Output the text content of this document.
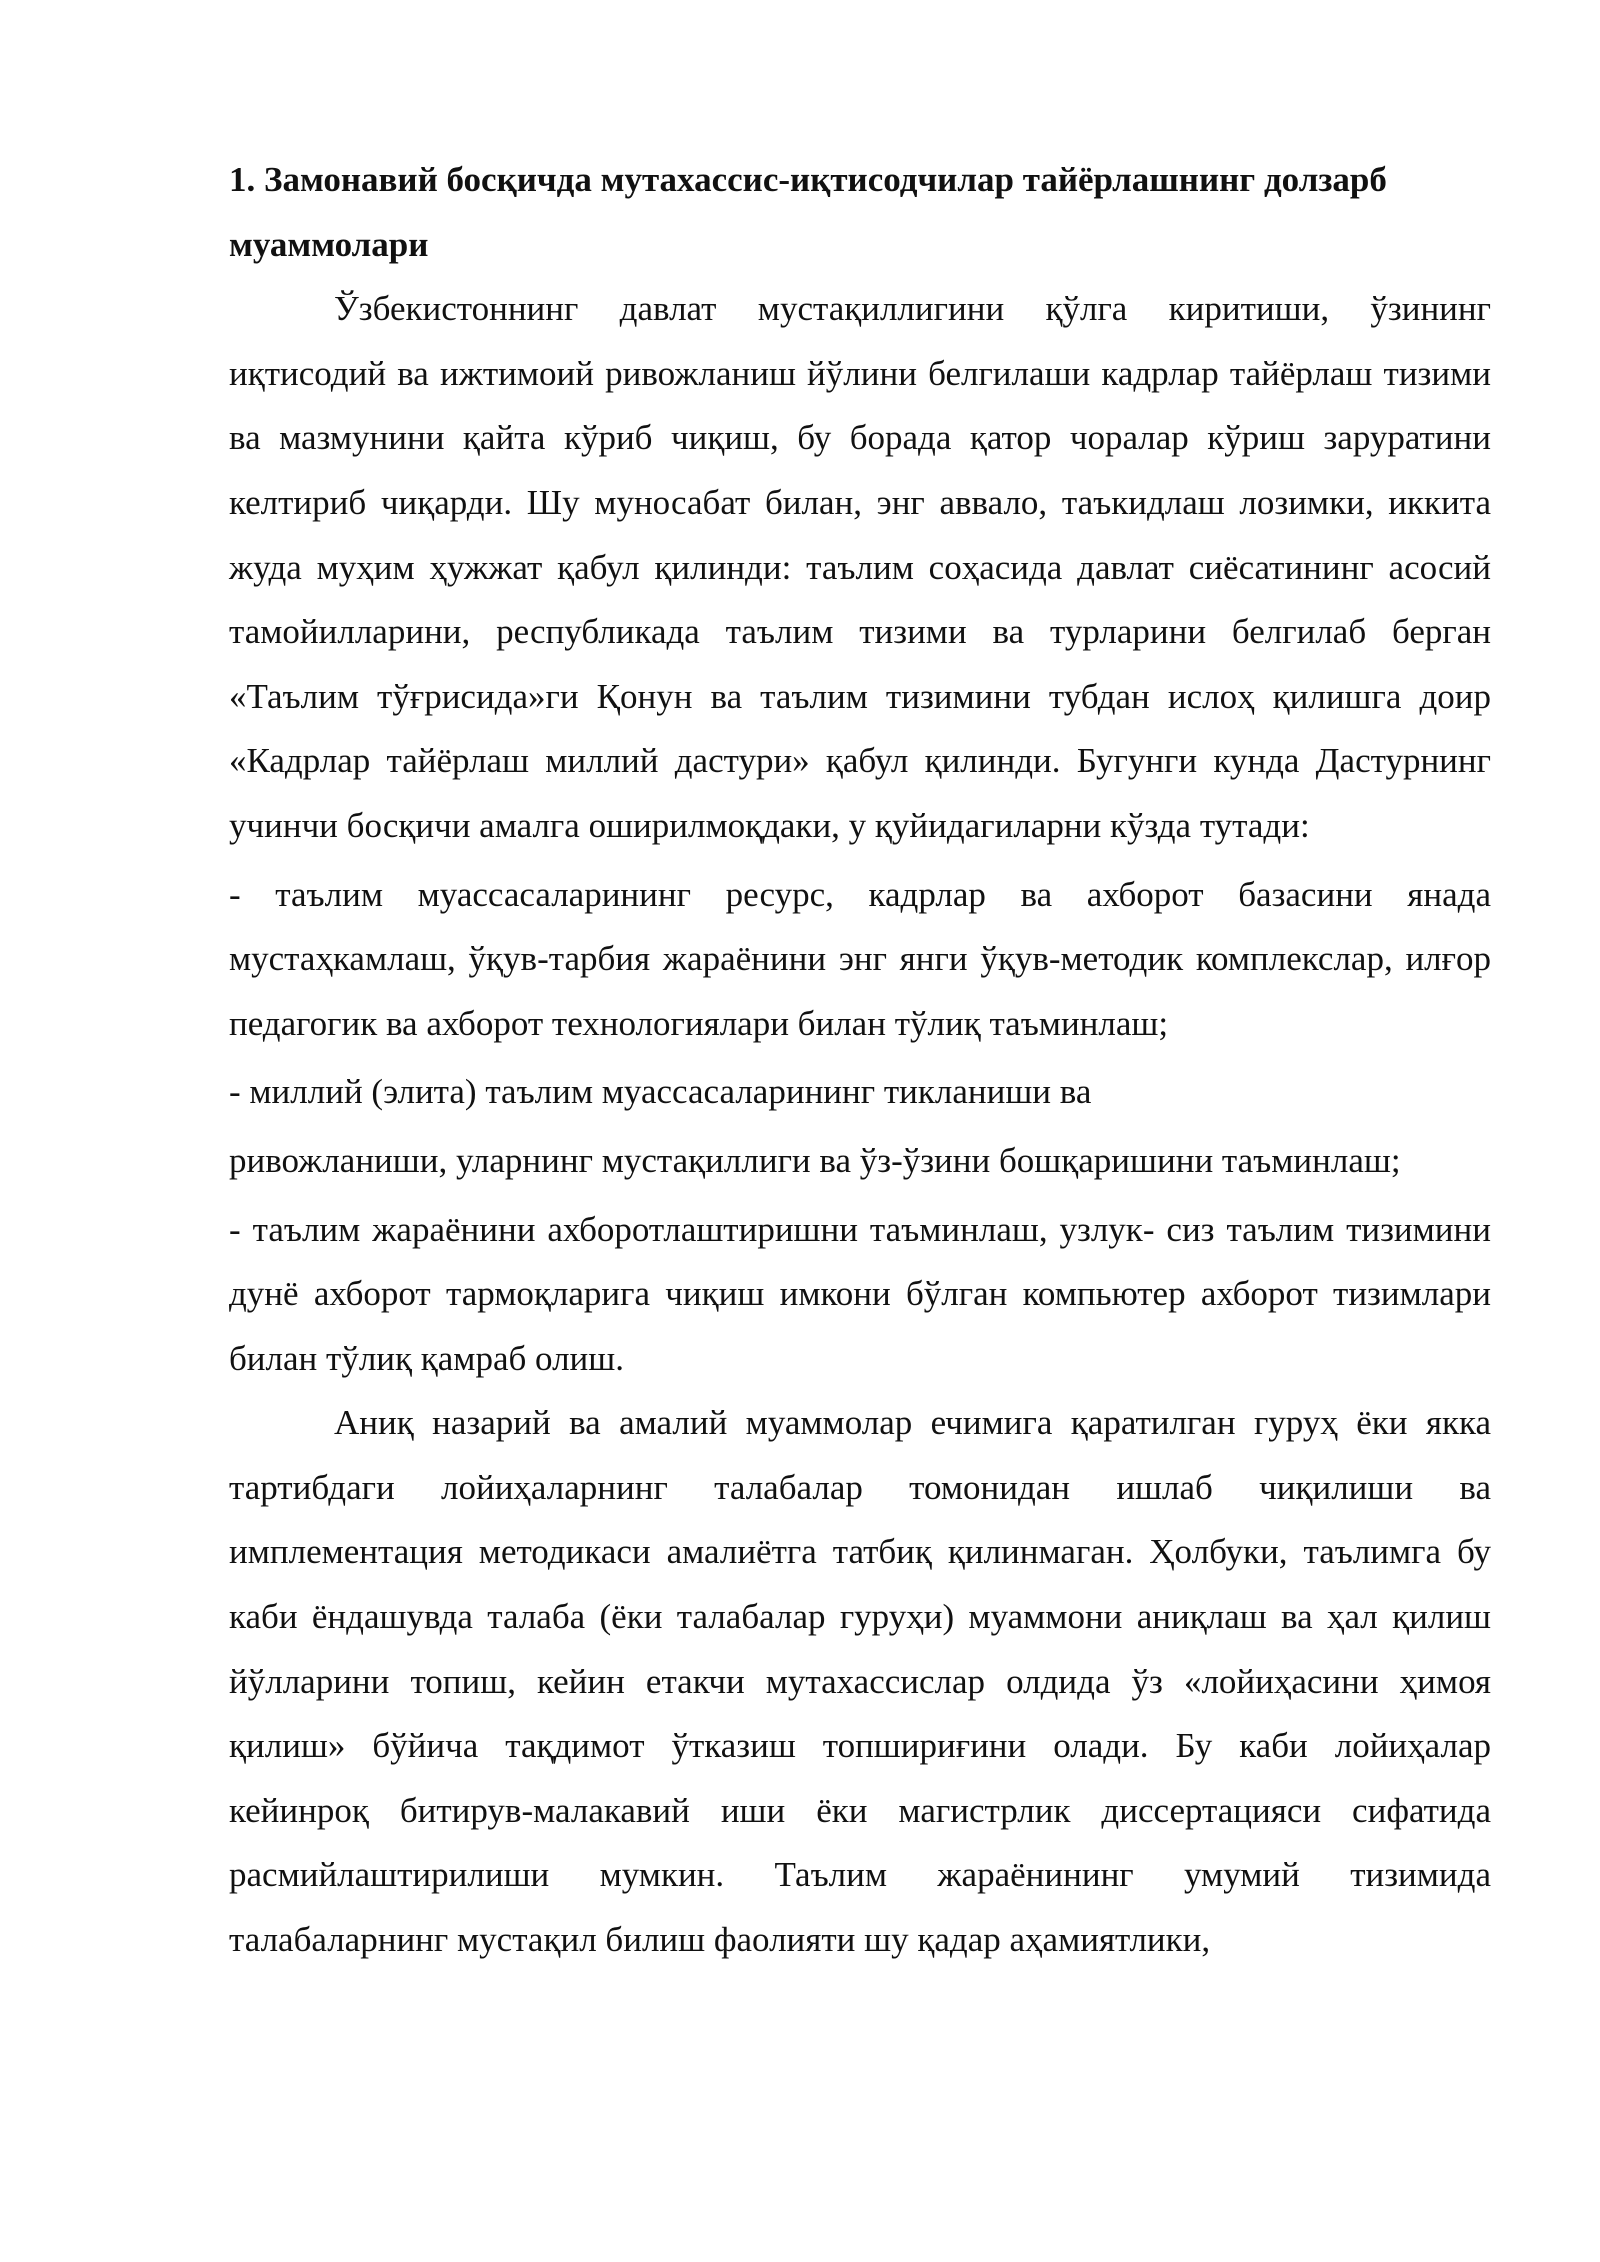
1. Замонавий босқичда мутахассис-иқтисодчилар тайёрлашнинг долзарб муаммолари

Ўзбекистоннинг давлат мустақиллигини қўлга киритиши, ўзининг иқтисодий ва ижтимоий ривожланиш йўлини белгилаши кадрлар тайёрлаш тизими ва мазмунини қайта кўриб чиқиш, бу борада қатор чоралар кўриш заруратини келтириб чиқарди. Шу муносабат билан, энг аввало, таъкидлаш лозимки, иккита жуда муҳим ҳужжат қабул қилинди: таълим соҳасида давлат сиёсатининг асосий тамойилларини, республикада таълим тизими ва турларини белгилаб берган «Таълим тўғрисида»ги Қонун ва таълим тизимини тубдан ислоҳ қилишга доир «Кадрлар тайёрлаш миллий дастури» қабул қилинди. Бугунги кунда Дастурнинг учинчи босқичи амалга оширилмоқдаки, у қуйидагиларни кўзда тутади:

- таълим муассасаларининг ресурс, кадрлар ва ахборот базасини янада мустаҳкамлаш, ўқув-тарбия жараёнини энг янги ўқув-методик комплекслар, илғор педагогик ва ахборот технологиялари билан тўлиқ таъминлаш;

- миллий (элита) таълим муассасаларининг тикланиши ва

ривожланиши, уларнинг мустақиллиги ва ўз-ўзини бошқаришини таъминлаш;

- таълим жараёнини ахборотлаштиришни таъминлаш, узлук- сиз таълим тизимини дунё ахборот тармоқларига чиқиш имкони бўлган компьютер ахборот тизимлари билан тўлиқ қамраб олиш.

Аниқ назарий ва амалий муаммолар ечимига қаратилган гуруҳ ёки якка тартибдаги лойиҳаларнинг талабалар томонидан ишлаб чиқилиши ва имплементация методикаси амалиётга татбиқ қилинмаган. Ҳолбуки, таълимга бу каби ёндашувда талаба (ёки талабалар гуруҳи) муаммони аниқлаш ва ҳал қилиш йўлларини топиш, кейин етакчи мутахассислар олдида ўз «лойиҳасини ҳимоя қилиш» бўйича тақдимот ўтказиш топшириғини олади. Бу каби лойиҳалар кейинроқ битирув-малакавий иши ёки магистрлик диссертацияси сифатида расмийлаштирилиши мумкин. Таълим жараёнининг умумий тизимида талабаларнинг мустақил билиш фаолияти шу қадар аҳамиятлики,
